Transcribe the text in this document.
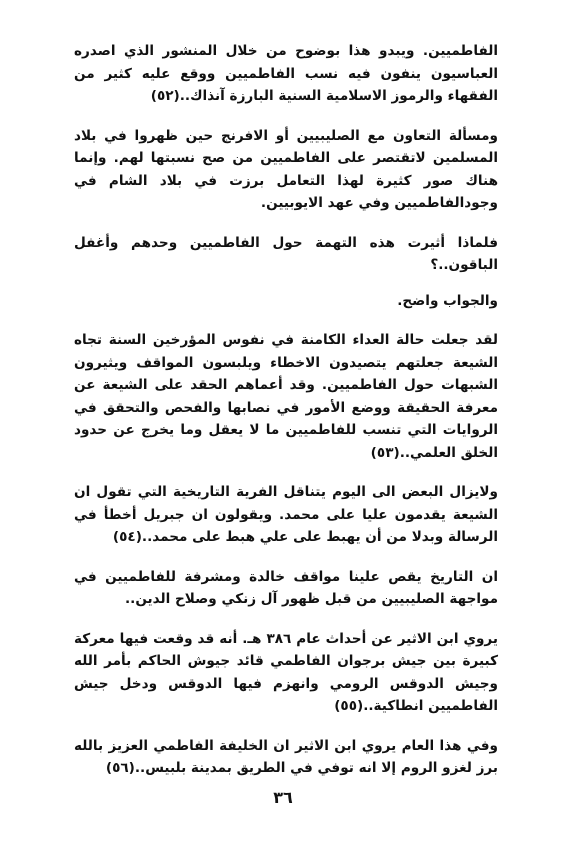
الفاطميين. ويبدو هذا بوضوح من خلال المنشور الذي اصدره العباسيون ينفون فيه نسب الفاطميين ووقع عليه كثير من الفقهاء والرموز الاسلامية السنية البارزة آنذاك..(٥٢)

ومسألة التعاون مع الصليبيين أو الافرنج حين ظهروا في بلاد المسلمين لاتقتصر على الفاطميين من صح نسبتها لهم. وإنما هناك صور كثيرة لهذا التعامل برزت في بلاد الشام في وجودالفاطميين وفي عهد الايوبيين.

فلماذا أثيرت هذه التهمة حول الفاطميين وحدهم وأغفل الباقون..؟

والجواب واضح.

لقد جعلت حالة العداء الكامنة في نفوس المؤرخين السنة تجاه الشيعة جعلتهم يتصيدون الاخطاء ويلبسون المواقف ويثيرون الشبهات حول الفاطميين. وقد أعماهم الحقد على الشيعة عن معرفة الحقيقة ووضع الأمور في نصابها والفحص والتحقق في الروايات التي تنسب للفاطميين ما لا يعقل وما يخرج عن حدود الخلق العلمي..(٥٣)

ولايزال البعض الى اليوم يتناقل الفرية التاريخية التي تقول ان الشيعة يقدمون عليا على محمد. ويقولون ان جبريل أخطأ في الرسالة وبدلا من أن يهبط على علي هبط على محمد..(٥٤)

ان التاريخ يقص علينا مواقف خالدة ومشرفة للفاطميين في مواجهة الصليبيين من قبل ظهور آل زنكي وصلاح الدين..

يروي ابن الاثير عن أحداث عام ٣٨٦ هـ. أنه قد وقعت فيها معركة كبيرة بين جيش برجوان الفاطمي قائد جيوش الحاكم بأمر الله وجيش الدوقس الرومي وانهزم فيها الدوقس ودخل جيش الفاطميين انطاكية..(٥٥)

وفي هذا العام يروي ابن الاثير ان الخليفة الفاطمي العزيز بالله برز لغزو الروم إلا انه توفي في الطريق بمدينة بلبيس..(٥٦)

٣٦
